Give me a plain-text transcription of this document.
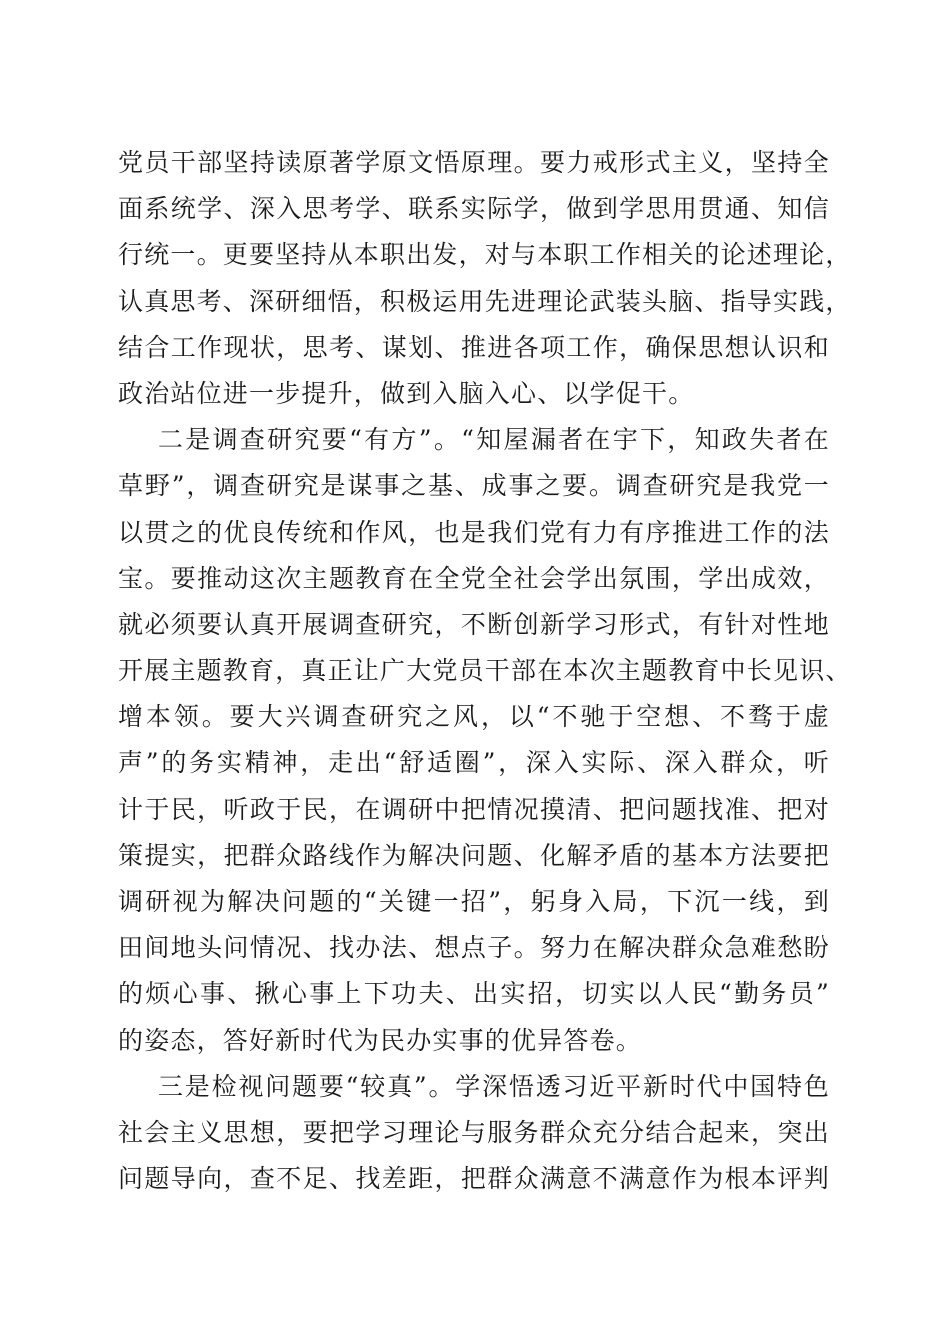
党员干部坚持读原著学原文悟原理。要力戒形式主义，坚持全
面系统学、深入思考学、联系实际学，做到学思用贯通、知信
行统一。更要坚持从本职出发，对与本职工作相关的论述理论，
认真思考、深研细悟，积极运用先进理论武装头脑、指导实践，
结合工作现状，思考、谋划、推进各项工作，确保思想认识和
政治站位进一步提升，做到入脑入心、以学促干。
二是调查研究要“有方”。“知屋漏者在宇下，知政失者在
草野”，调查研究是谋事之基、成事之要。调查研究是我党一
以贯之的优良传统和作风，也是我们党有力有序推进工作的法
宝。要推动这次主题教育在全党全社会学出氛围，学出成效，
就必须要认真开展调查研究，不断创新学习形式，有针对性地
开展主题教育，真正让广大党员干部在本次主题教育中长见识、
增本领。要大兴调查研究之风，以“不驰于空想、不骛于虚
声”的务实精神，走出“舒适圈”，深入实际、深入群众，听
计于民，听政于民，在调研中把情况摸清、把问题找准、把对
策提实，把群众路线作为解决问题、化解矛盾的基本方法要把
调研视为解决问题的“关键一招”，躬身入局，下沉一线，到
田间地头问情况、找办法、想点子。努力在解决群众急难愁盼
的烦心事、揪心事上下功夫、出实招，切实以人民“勤务员”
的姿态，答好新时代为民办实事的优异答卷。
三是检视问题要“较真”。学深悟透习近平新时代中国特色
社会主义思想，要把学习理论与服务群众充分结合起来，突出
问题导向，查不足、找差距，把群众满意不满意作为根本评判
